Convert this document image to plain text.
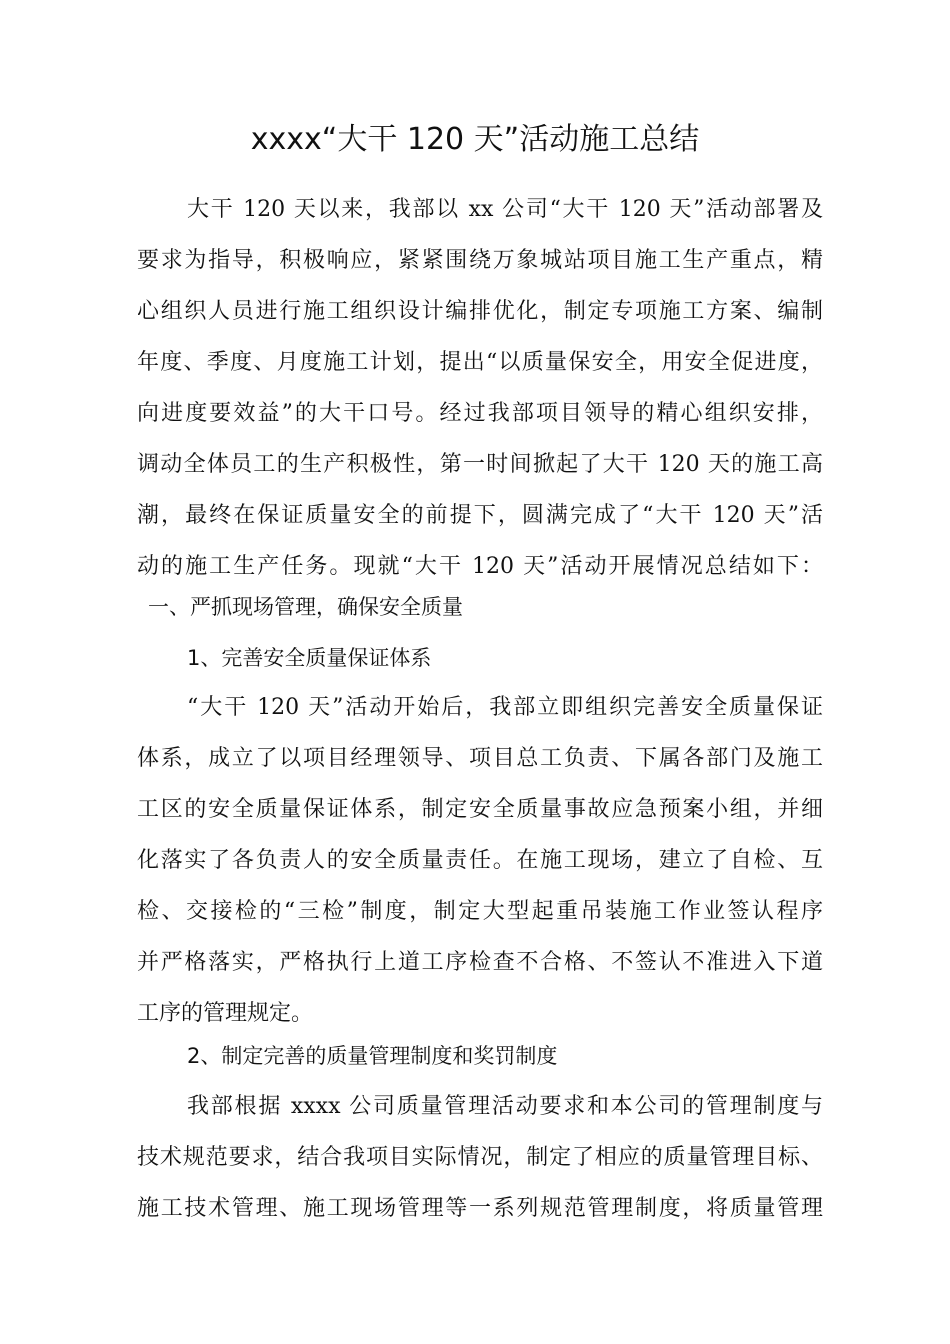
xxxx“大干 120 天”活动施工总结
大干 120 天以来，我部以 xx 公司“大干 120 天”活动部署及
要求为指导，积极响应，紧紧围绕万象城站项目施工生产重点，精
心组织人员进行施工组织设计编排优化，制定专项施工方案、编制
年度、季度、月度施工计划，提出“以质量保安全，用安全促进度，
向进度要效益”的大干口号。经过我部项目领导的精心组织安排，
调动全体员工的生产积极性，第一时间掀起了大干 120 天的施工高
潮，最终在保证质量安全的前提下，圆满完成了“大干 120 天”活
动的施工生产任务。现就“大干 120 天”活动开展情况总结如下：
一、严抓现场管理，确保安全质量
1、完善安全质量保证体系
“大干 120 天”活动开始后，我部立即组织完善安全质量保证
体系，成立了以项目经理领导、项目总工负责、下属各部门及施工
工区的安全质量保证体系，制定安全质量事故应急预案小组，并细
化落实了各负责人的安全质量责任。在施工现场，建立了自检、互
检、交接检的“三检”制度，制定大型起重吊装施工作业签认程序
并严格落实，严格执行上道工序检查不合格、不签认不准进入下道
工序的管理规定。
2、制定完善的质量管理制度和奖罚制度
我部根据 xxxx 公司质量管理活动要求和本公司的管理制度与
技术规范要求，结合我项目实际情况，制定了相应的质量管理目标、
施工技术管理、施工现场管理等一系列规范管理制度，将质量管理
